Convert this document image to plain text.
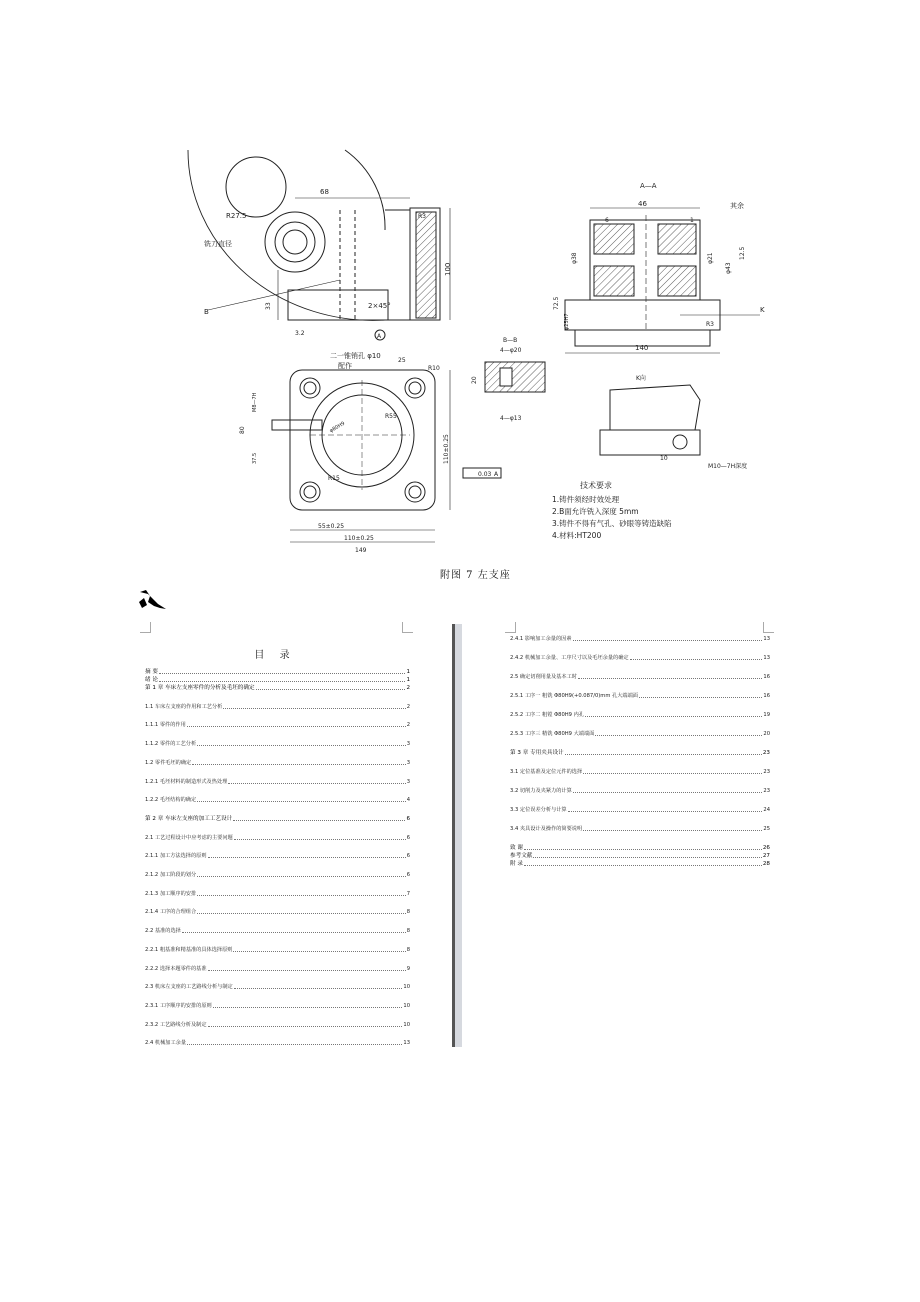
68
R27.5
铣刀直径
100
33	2×45°
B
A
R3
3.2
A—A
46
6	1
其余
φ38	φ21
φ43
12.5
72.5
φ25H7
140
K
R3
二一锥销孔 φ10
配作
25
R10
80
M8—7H
37.5
R55
φ80H9
110±0.25
R15
55±0.25
110±0.25
149
0.03 A
B—B
4—φ20
4—φ13
20	K向
10
M10—7H深度
技术要求
1.铸件须经时效处理
2.B面允许铣入深度 5mm
3.铸件不得有气孔、砂眼等铸造缺陷
4.材料:HT200
附图 7 左支座
目 录
摘 要	1
绪 论	1
第 1 章 车床左支座零件的分析及毛坯的确定	2
1.1 车床左支座的作用和工艺分析	2
1.1.1 零件的作用	2
1.1.2 零件的工艺分析	3
1.2 零件毛坯的确定	3
1.2.1 毛坯材料的制造形式及热处理	3
1.2.2 毛坯结构的确定	4
第 2 章 车床左支座的加工工艺设计	6
2.1 工艺过程设计中应考虑的主要问题	6
2.1.1 加工方法选择的原则	6
2.1.2 加工阶段的划分	6
2.1.3 加工顺序的安排	7
2.1.4 工序的合理组合	8
2.2 基准的选择	8
2.2.1 粗基准和精基准的具体选择原则	8
2.2.2 选择本题零件的基准	9
2.3 机床左支座的工艺路线分析与制定	10
2.3.1 工序顺序的安排的原则	10
2.3.2 工艺路线分析及制定	10
2.4 机械加工余量	13
2.4.1 影响加工余量的因素	13
2.4.2 机械加工余量、工序尺寸以及毛坯余量的确定	13
2.5 确定切削用量及基本工时	16
2.5.1 工序一 粗铣 Φ80H9(+0.087/0)mm 孔大端端面	16
2.5.2 工序二 粗镗 Φ80H9 内孔	19
2.5.3 工序三 精铣 Φ80H9 大端端面	20
第 3 章 专用夹具设计	23
3.1 定位基准及定位元件的选择	23
3.2 切削力及夹紧力的计算	23
3.3 定位误差分析与计算	24
3.4 夹具设计及操作的简要说明	25
致 谢	26
参考文献	27
附 录	28
